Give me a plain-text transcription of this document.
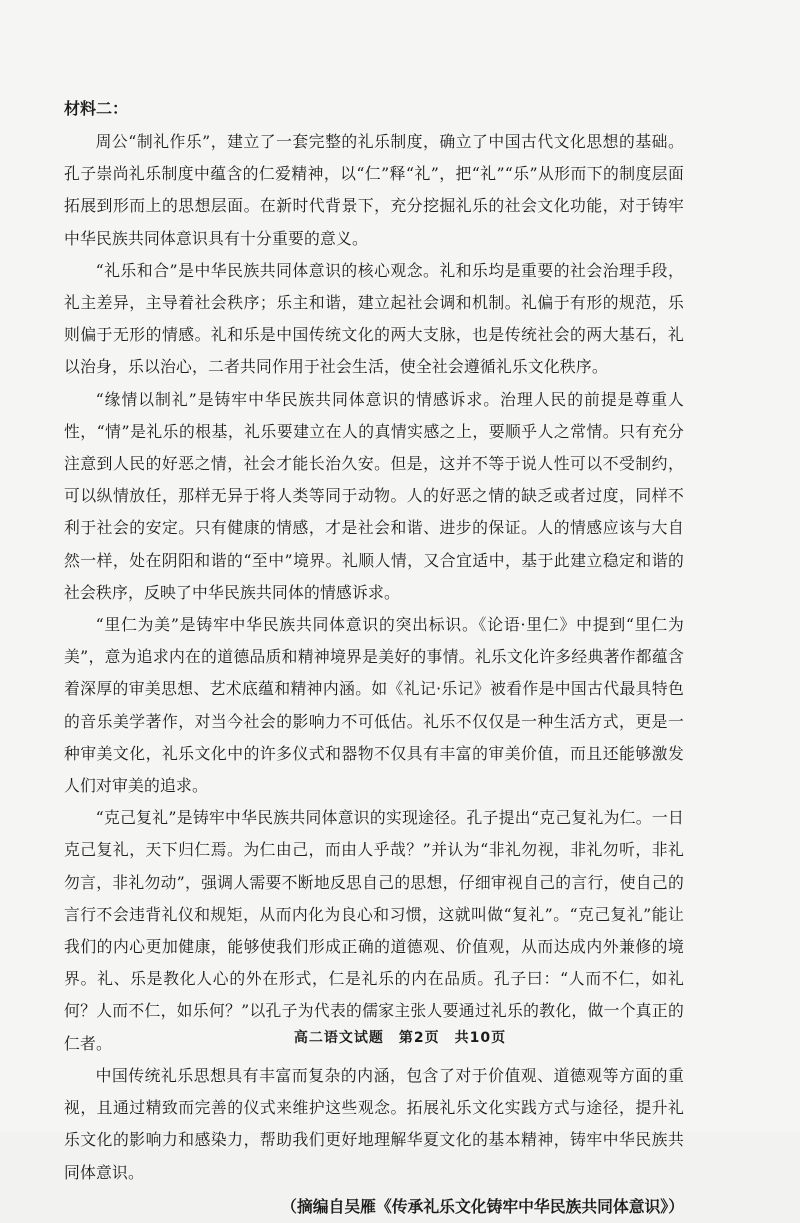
材料二：

周公“制礼作乐”，建立了一套完整的礼乐制度，确立了中国古代文化思想的基础。孔子崇尚礼乐制度中蕴含的仁爱精神，以“仁”释“礼”，把“礼”“乐”从形而下的制度层面拓展到形而上的思想层面。在新时代背景下，充分挖掘礼乐的社会文化功能，对于铸牢中华民族共同体意识具有十分重要的意义。

“礼乐和合”是中华民族共同体意识的核心观念。礼和乐均是重要的社会治理手段，礼主差异，主导着社会秩序；乐主和谐，建立起社会调和机制。礼偏于有形的规范，乐则偏于无形的情感。礼和乐是中国传统文化的两大支脉，也是传统社会的两大基石，礼以治身，乐以治心，二者共同作用于社会生活，使全社会遵循礼乐文化秩序。

“缘情以制礼”是铸牢中华民族共同体意识的情感诉求。治理人民的前提是尊重人性，“情”是礼乐的根基，礼乐要建立在人的真情实感之上，要顺乎人之常情。只有充分注意到人民的好恶之情，社会才能长治久安。但是，这并不等于说人性可以不受制约，可以纵情放任，那样无异于将人类等同于动物。人的好恶之情的缺乏或者过度，同样不利于社会的安定。只有健康的情感，才是社会和谐、进步的保证。人的情感应该与大自然一样，处在阴阳和谐的“至中”境界。礼顺人情，又合宜适中，基于此建立稳定和谐的社会秩序，反映了中华民族共同体的情感诉求。

“里仁为美”是铸牢中华民族共同体意识的突出标识。《论语·里仁》中提到“里仁为美”，意为追求内在的道德品质和精神境界是美好的事情。礼乐文化许多经典著作都蕴含着深厚的审美思想、艺术底蕴和精神内涵。如《礼记·乐记》被看作是中国古代最具特色的音乐美学著作，对当今社会的影响力不可低估。礼乐不仅仅是一种生活方式，更是一种审美文化，礼乐文化中的许多仪式和器物不仅具有丰富的审美价值，而且还能够激发人们对审美的追求。

“克己复礼”是铸牢中华民族共同体意识的实现途径。孔子提出“克己复礼为仁。一日克己复礼，天下归仁焉。为仁由己，而由人乎哉？”并认为“非礼勿视，非礼勿听，非礼勿言，非礼勿动”，强调人需要不断地反思自己的思想，仔细审视自己的言行，使自己的言行不会违背礼仪和规矩，从而内化为良心和习惯，这就叫做“复礼”。“克己复礼”能让我们的内心更加健康，能够使我们形成正确的道德观、价值观，从而达成内外兼修的境界。礼、乐是教化人心的外在形式，仁是礼乐的内在品质。孔子曰：“人而不仁，如礼何？人而不仁，如乐何？”以孔子为代表的儒家主张人要通过礼乐的教化，做一个真正的仁者。

中国传统礼乐思想具有丰富而复杂的内涵，包含了对于价值观、道德观等方面的重视，且通过精致而完善的仪式来维护这些观念。拓展礼乐文化实践方式与途径，提升礼乐文化的影响力和感染力，帮助我们更好地理解华夏文化的基本精神，铸牢中华民族共同体意识。

（摘编自吴雁《传承礼乐文化铸牢中华民族共同体意识》）

高二语文试题　第2页　共10页
